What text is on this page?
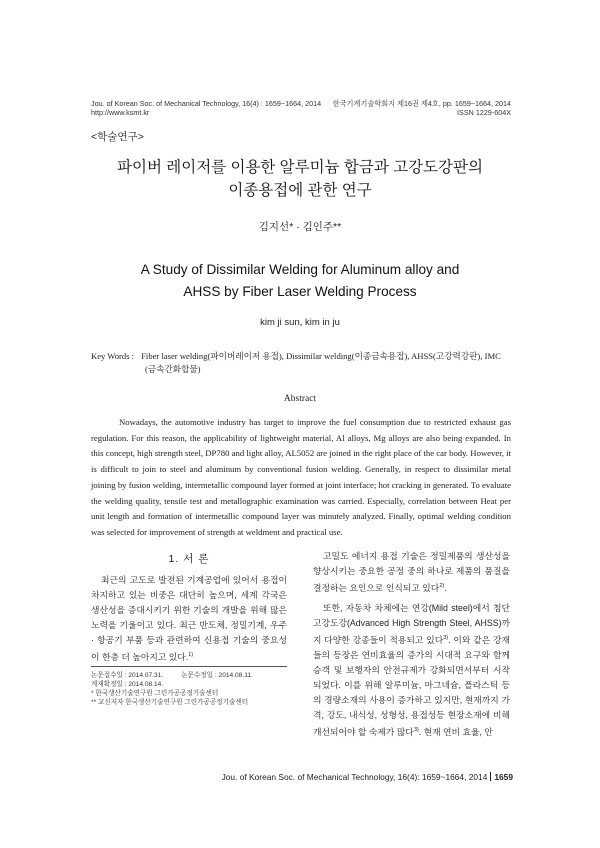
Jou. of Korean Soc. of Mechanical Technology, 16(4) : 1659~1664, 2014
http://www.ksmt.kr
한국기계기술학회지 제16권 제4호, pp. 1659~1664, 2014
ISSN 1229-604X
<학술연구>
파이버 레이저를 이용한 알루미늄 합금과 고강도강판의
이종용접에 관한 연구
김지선* · 김인주**
A Study of Dissimilar Welding for Aluminum alloy and
AHSS by Fiber Laser Welding Process
kim ji sun, kim in ju
Key Words : Fiber laser welding(파이버레이저 용접), Dissimilar welding(이종금속용접), AHSS(고강력강판), IMC
(금속간화합물)
Abstract
Nowadays, the automotive industry has target to improve the fuel consumption due to restricted exhaust gas regulation. For this reason, the applicability of lightweight material, Al alloys, Mg alloys are also being expanded. In this concept, high strength steel, DP780 and light alloy, AL5052 are joined in the right place of the car body. However, it is difficult to join to steel and aluminum by conventional fusion welding. Generally, in respect to dissimilar metal joining by fusion welding, intermetallic compound layer formed at joint interface; hot cracking in generated. To evaluate the welding quality, tensile test and metallographic examination was carried. Especially, correlation between Heat per unit length and formation of intermetallic compound layer was minutely analyzed. Finally, optimal welding condition was selected for improvement of strength at weldment and practical use.
1. 서 론

최근의 고도로 발전된 기계공업에 있어서 용접이 차지하고 있는 비중은 대단히 높으며, 세계 각국은 생산성을 증대시키기 위한 기술의 개발을 위해 많은 노력을 기울이고 있다. 최근 반도체, 정밀기계, 우주 · 항공기 부품 등과 관련하여 신용접 기술의 중요성이 한층 더 높아지고 있다.$^{1)}$

논문접수일 : 2014.07.31.	논문수정일 : 2014.08.11.
게재확정일 : 2014.08.14.
* 한국생산기술연구원 그린가공공정기술센터
** 교신저자 한국생산기술연구원 그린가공공정기술센터

고밀도 에너지 용접 기술은 정밀제품의 생산성을 향상시키는 중요한 공정 중의 하나로 제품의 품질을 결정하는 요인으로 인식되고 있다$^{2)}$.

또한, 자동차 차체에는 연강(Mild steel)에서 첨단 고강도강(Advanced High Strength Steel, AHSS)까지 다양한 강종들이 적용되고 있다$^{3)}$. 이와 같은 강재들의 등장은 연비효율의 증가의 시대적 요구와 함께 승객 및 보행자의 안전규제가 강화되면서부터 시작되었다. 이를 위해 알루미늄, 마그네슘, 플라스틱 등의 경량소재의 사용이 증가하고 있지만, 현재까지 가격, 강도, 내식성, 성형성, 용접성등 현장소재에 비해 개선되어야 할 숙제가 많다$^{3)}$. 현재 연비 효율, 안

Jou. of Korean Soc. of Mechanical Technology, 16(4): 1659~1664, 2014 1659
